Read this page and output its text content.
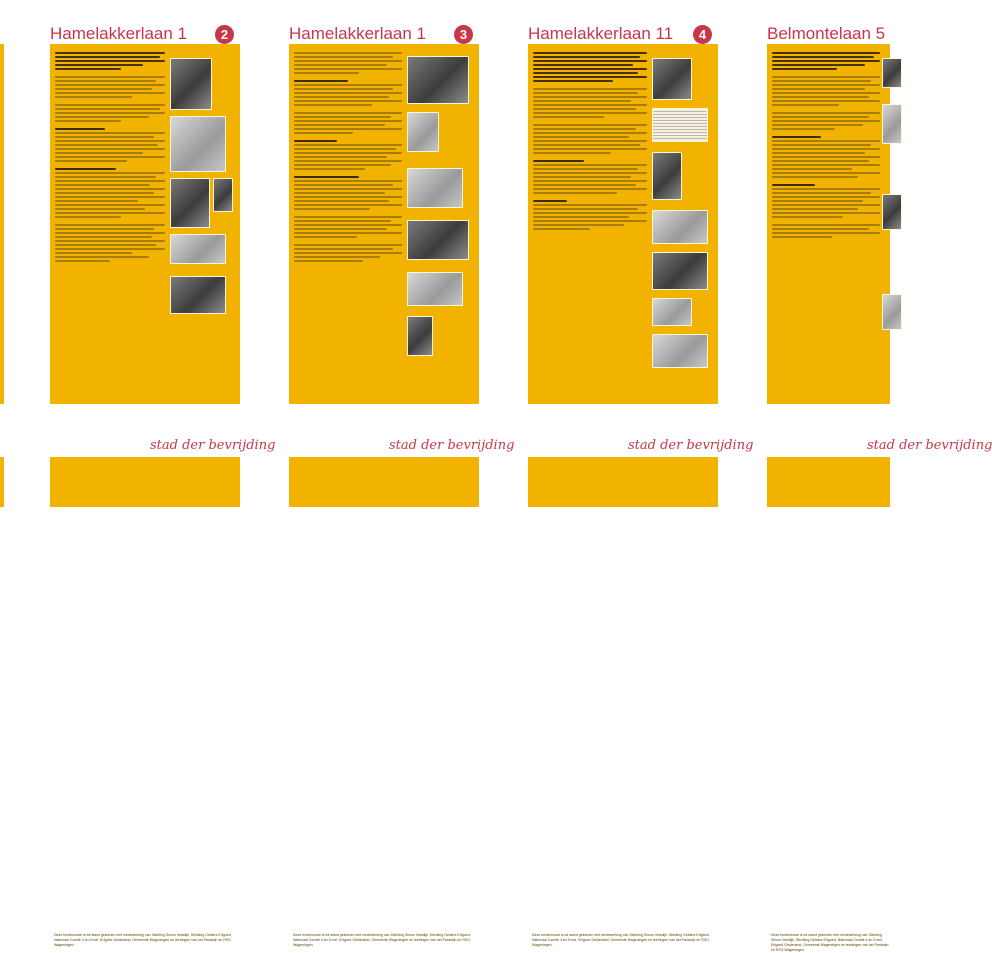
Hamelakkerlaan 1	2
stad der bevrijding
Wageningen
Deze bordenroute is tot stand gekomen met medewerking van Stichting Simon Vestdijk, Stichting Gelders Erfgoed, Nationaal Comité 4 en 5 mei, Erfgoed Gelderland, Gemeente Wageningen en leerlingen van het Pantarijn en RSG Wageningen.
Hamelakkerlaan 1	3
stad der bevrijding
Wageningen
Deze bordenroute is tot stand gekomen met medewerking van Stichting Simon Vestdijk, Stichting Gelders Erfgoed, Nationaal Comité 4 en 5 mei, Erfgoed Gelderland, Gemeente Wageningen en leerlingen van het Pantarijn en RSG Wageningen.
Hamelakkerlaan 11	4
stad der bevrijding
Wageningen
Deze bordenroute is tot stand gekomen met medewerking van Stichting Simon Vestdijk, Stichting Gelders Erfgoed, Nationaal Comité 4 en 5 mei, Erfgoed Gelderland, Gemeente Wageningen en leerlingen van het Pantarijn en RSG Wageningen.
Belmontelaan 5
stad der bevrijding
Wageningen
Deze bordenroute is tot stand gekomen met medewerking van Stichting Simon Vestdijk, Stichting Gelders Erfgoed, Nationaal Comité 4 en 5 mei, Erfgoed Gelderland, Gemeente Wageningen en leerlingen van het Pantarijn en RSG Wageningen.
